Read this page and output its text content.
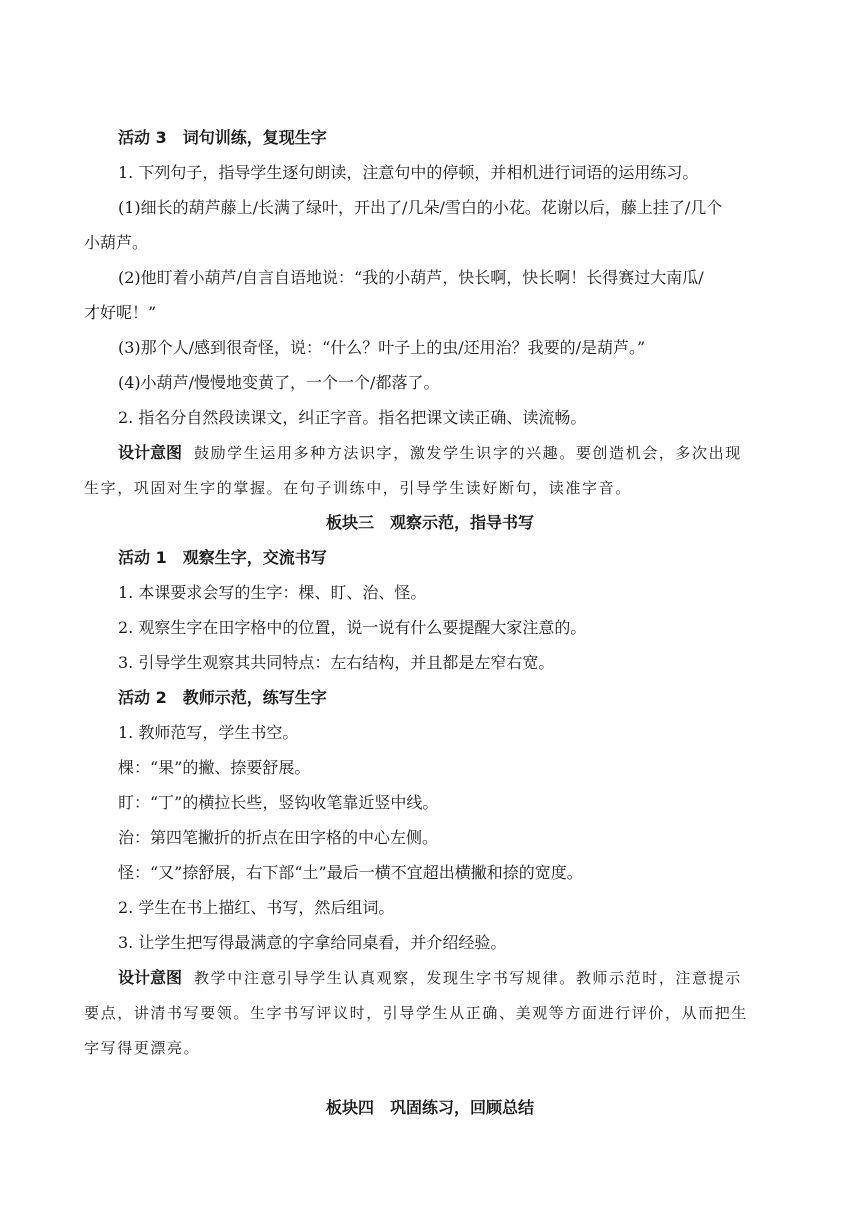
活动 3　词句训练，复现生字
1. 下列句子，指导学生逐句朗读，注意句中的停顿，并相机进行词语的运用练习。
(1)细长的葫芦藤上/长满了绿叶，开出了/几朵/雪白的小花。花谢以后，藤上挂了/几个
小葫芦。
(2)他盯着小葫芦/自言自语地说：“我的小葫芦，快长啊，快长啊！长得赛过大南瓜/
才好呢！”
(3)那个人/感到很奇怪，说：“什么？叶子上的虫/还用治？我要的/是葫芦。”
(4)小葫芦/慢慢地变黄了，一个一个/都落了。
2. 指名分自然段读课文，纠正字音。指名把课文读正确、读流畅。
设计意图 鼓励学生运用多种方法识字，激发学生识字的兴趣。要创造机会，多次出现
生字，巩固对生字的掌握。在句子训练中，引导学生读好断句，读准字音。
板块三　观察示范，指导书写
活动 1　观察生字，交流书写
1. 本课要求会写的生字：棵、盯、治、怪。
2. 观察生字在田字格中的位置，说一说有什么要提醒大家注意的。
3. 引导学生观察其共同特点：左右结构，并且都是左窄右宽。
活动 2　教师示范，练写生字
1. 教师范写，学生书空。
棵：“果”的撇、捺要舒展。
盯：“丁”的横拉长些，竖钩收笔靠近竖中线。
治：第四笔撇折的折点在田字格的中心左侧。
怪：“又”捺舒展，右下部“土”最后一横不宜超出横撇和捺的宽度。
2. 学生在书上描红、书写，然后组词。
3. 让学生把写得最满意的字拿给同桌看，并介绍经验。
设计意图 教学中注意引导学生认真观察，发现生字书写规律。教师示范时，注意提示
要点，讲清书写要领。生字书写评议时，引导学生从正确、美观等方面进行评价，从而把生
字写得更漂亮。
板块四　巩固练习，回顾总结
